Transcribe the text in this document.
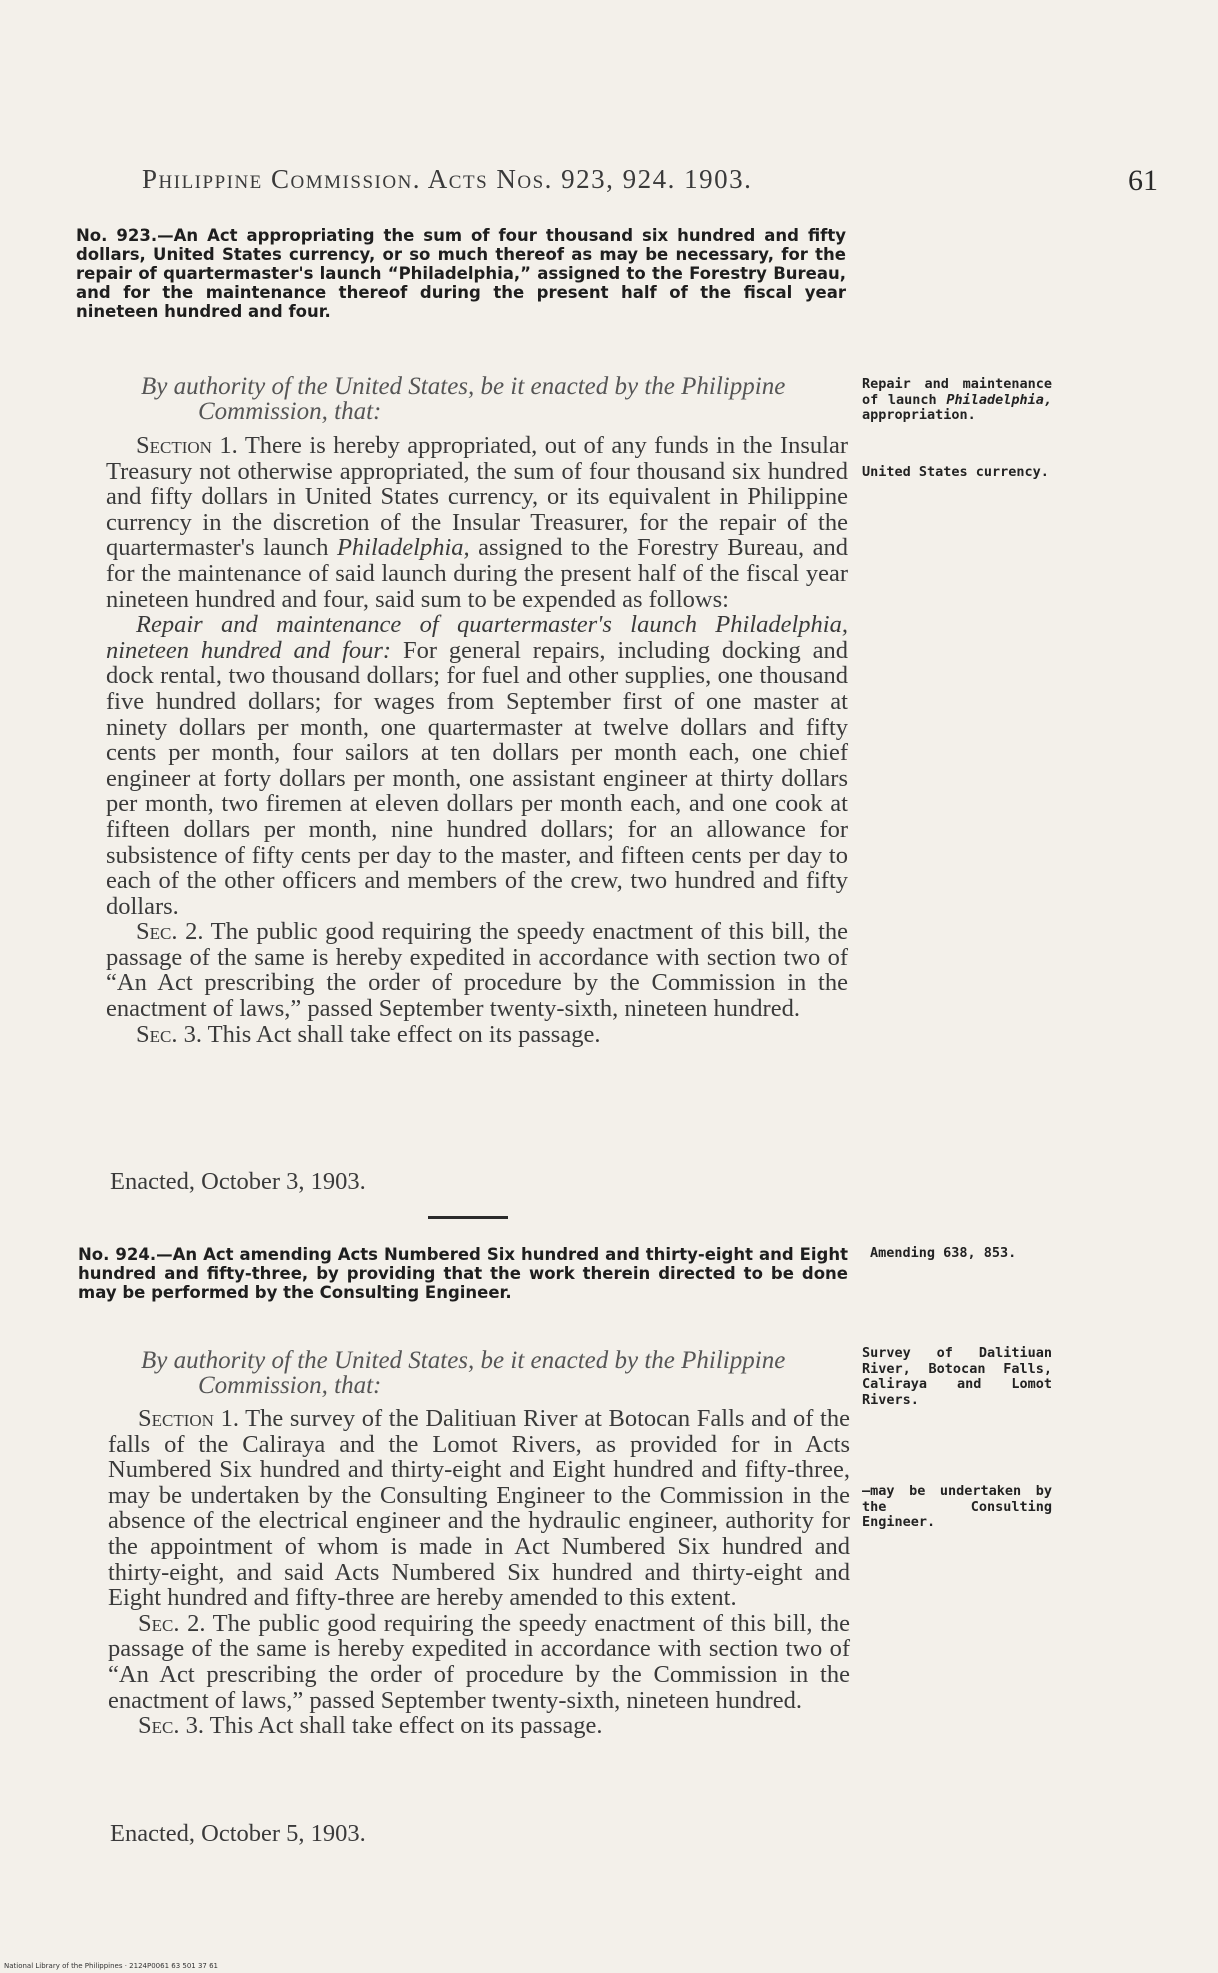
Philippine Commission. Acts Nos. 923, 924. 1903.	61
No. 923.—An Act appropriating the sum of four thousand six hundred and fifty dollars, United States currency, or so much thereof as may be necessary, for the repair of quartermaster's launch “Philadelphia,” assigned to the Forestry Bureau, and for the maintenance thereof during the present half of the fiscal year nineteen hundred and four.
By authority of the United States, be it enacted by the Philippine
Commission, that:

Section 1. There is hereby appropriated, out of any funds in the Insular Treasury not otherwise appropriated, the sum of four thousand six hundred and fifty dollars in United States currency, or its equivalent in Philippine currency in the discretion of the Insular Treasurer, for the repair of the quartermaster's launch Philadelphia, assigned to the Forestry Bureau, and for the maintenance of said launch during the present half of the fiscal year nineteen hundred and four, said sum to be expended as follows:

Repair and maintenance of quartermaster's launch Philadelphia, nineteen hundred and four: For general repairs, including docking and dock rental, two thousand dollars; for fuel and other supplies, one thousand five hundred dollars; for wages from September first of one master at ninety dollars per month, one quartermaster at twelve dollars and fifty cents per month, four sailors at ten dollars per month each, one chief engineer at forty dollars per month, one assistant engineer at thirty dollars per month, two firemen at eleven dollars per month each, and one cook at fifteen dollars per month, nine hundred dollars; for an allowance for subsistence of fifty cents per day to the master, and fifteen cents per day to each of the other officers and members of the crew, two hundred and fifty dollars.

Sec. 2. The public good requiring the speedy enactment of this bill, the passage of the same is hereby expedited in accordance with section two of “An Act prescribing the order of procedure by the Commission in the enactment of laws,” passed September twenty-sixth, nineteen hundred.

Sec. 3. This Act shall take effect on its passage.

Enacted, October 3, 1903.
Repair and maintenance of launch Philadelphia, appropriation.
United States currency.
No. 924.—An Act amending Acts Numbered Six hundred and thirty-eight and Eight hundred and fifty-three, by providing that the work therein directed to be done may be performed by the Consulting Engineer.
By authority of the United States, be it enacted by the Philippine
Commission, that:

Section 1. The survey of the Dalitiuan River at Botocan Falls and of the falls of the Caliraya and the Lomot Rivers, as provided for in Acts Numbered Six hundred and thirty-eight and Eight hundred and fifty-three, may be undertaken by the Consulting Engineer to the Commission in the absence of the electrical engineer and the hydraulic engineer, authority for the appointment of whom is made in Act Numbered Six hundred and thirty-eight, and said Acts Numbered Six hundred and thirty-eight and Eight hundred and fifty-three are hereby amended to this extent.

Sec. 2. The public good requiring the speedy enactment of this bill, the passage of the same is hereby expedited in accordance with section two of “An Act prescribing the order of procedure by the Commission in the enactment of laws,” passed September twenty-sixth, nineteen hundred.

Sec. 3. This Act shall take effect on its passage.

Enacted, October 5, 1903.
Amending 638, 853.
Survey of Dalitiuan River, Botocan Falls, Caliraya and Lomot Rivers.
—may be undertaken by the Consulting Engineer.
National Library of the Philippines · 2124P0061 63 501 37 61
